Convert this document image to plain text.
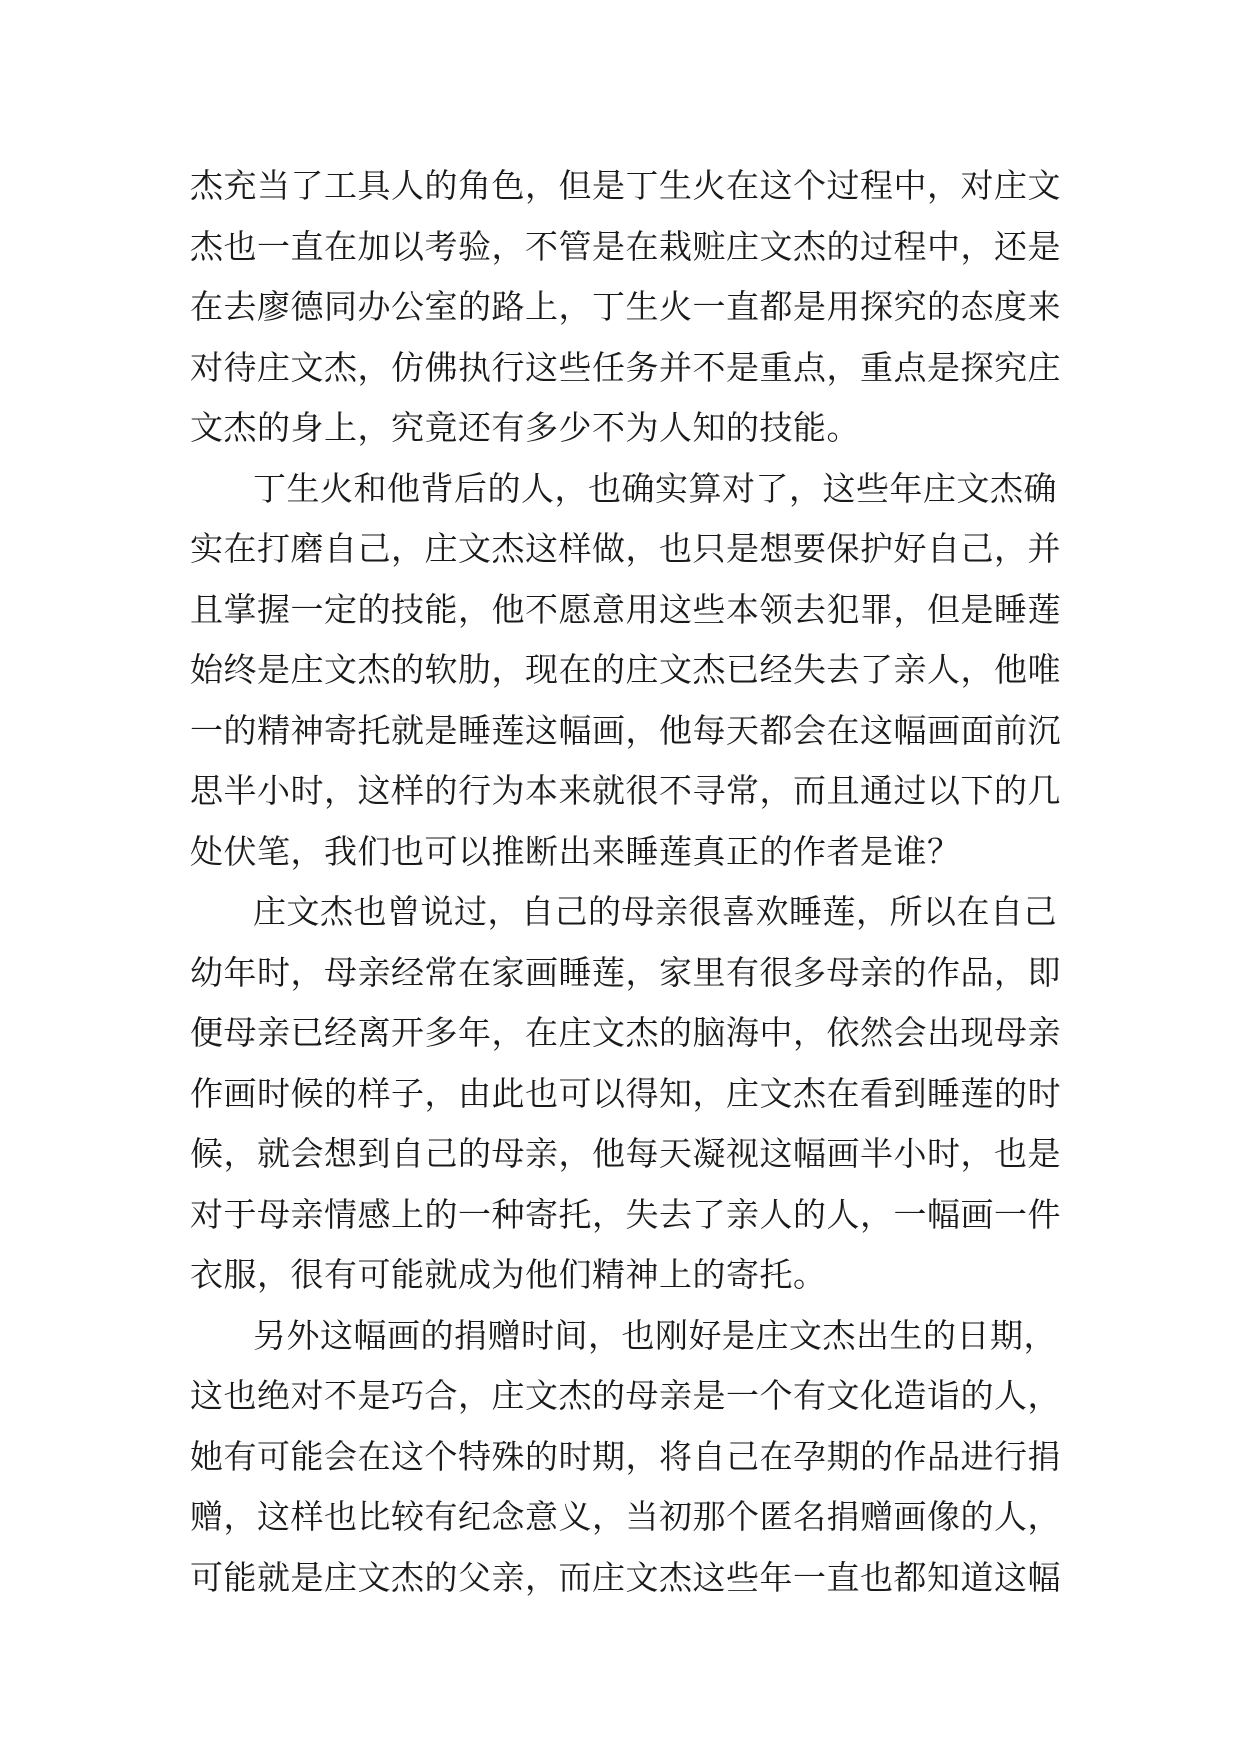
杰充当了工具人的角色，但是丁生火在这个过程中，对庄文
杰也一直在加以考验，不管是在栽赃庄文杰的过程中，还是
在去廖德同办公室的路上，丁生火一直都是用探究的态度来
对待庄文杰，仿佛执行这些任务并不是重点，重点是探究庄
文杰的身上，究竟还有多少不为人知的技能。
丁生火和他背后的人，也确实算对了，这些年庄文杰确
实在打磨自己，庄文杰这样做，也只是想要保护好自己，并
且掌握一定的技能，他不愿意用这些本领去犯罪，但是睡莲
始终是庄文杰的软肋，现在的庄文杰已经失去了亲人，他唯
一的精神寄托就是睡莲这幅画，他每天都会在这幅画面前沉
思半小时，这样的行为本来就很不寻常，而且通过以下的几
处伏笔，我们也可以推断出来睡莲真正的作者是谁？
庄文杰也曾说过，自己的母亲很喜欢睡莲，所以在自己
幼年时，母亲经常在家画睡莲，家里有很多母亲的作品，即
便母亲已经离开多年，在庄文杰的脑海中，依然会出现母亲
作画时候的样子，由此也可以得知，庄文杰在看到睡莲的时
候，就会想到自己的母亲，他每天凝视这幅画半小时，也是
对于母亲情感上的一种寄托，失去了亲人的人，一幅画一件
衣服，很有可能就成为他们精神上的寄托。
另外这幅画的捐赠时间，也刚好是庄文杰出生的日期，
这也绝对不是巧合，庄文杰的母亲是一个有文化造诣的人，
她有可能会在这个特殊的时期，将自己在孕期的作品进行捐
赠，这样也比较有纪念意义，当初那个匿名捐赠画像的人，
可能就是庄文杰的父亲，而庄文杰这些年一直也都知道这幅
